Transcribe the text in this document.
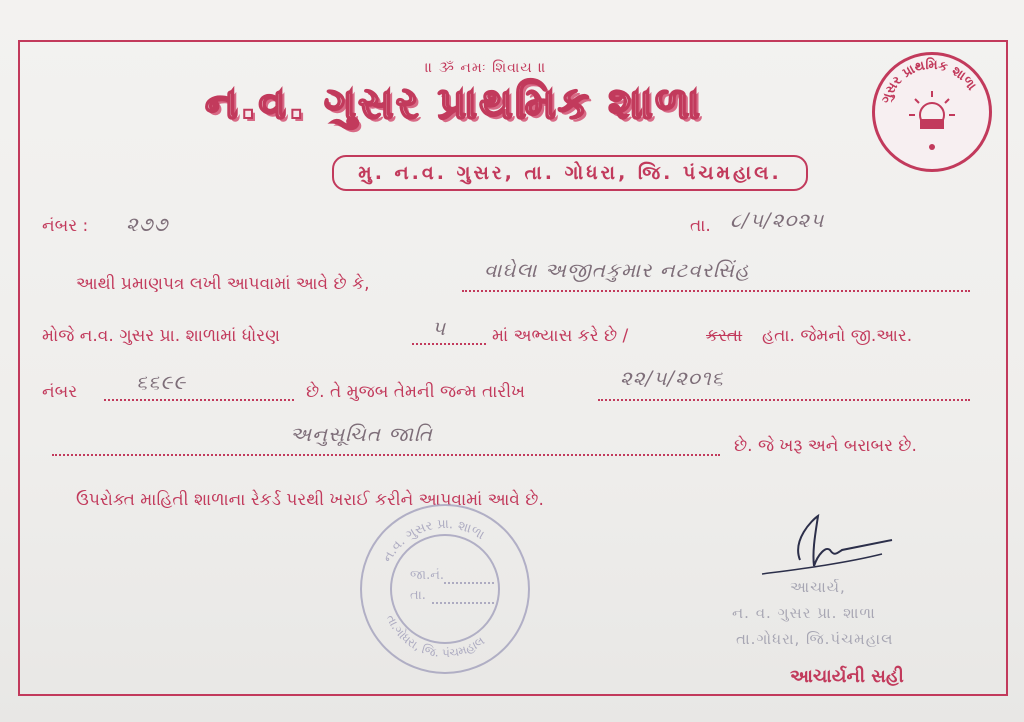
॥ ૐ નમઃ શિવાય ॥
ન.વ. ગુસર પ્રાથમિક શાળા
મુ. ન.વ. ગુસર, તા. ગોધરા, જિ. પંચમહાલ.
ગુસર પ્રાથમિક શાળા
નંબર : ૨૭૭	તા. ૮/૫/૨૦૨૫
આથી પ્રમાણપત્ર લખી આપવામાં આવે છે કે,
વાઘેલા અજીતકુમાર નટવરસિંહ
મોજે ન.વ. ગુસર પ્રા. શાળામાં ધોરણ	૫	માં અભ્યાસ કરે છે /	કરતા હતા. જેમનો જી.આર.
નંબર	૬૬૯૯	છે. તે મુજબ તેમની જન્મ તારીખ
૨૨/૫/૨૦૧૬
અનુસૂચિત જાતિ	છે. જે ખરૂ અને બરાબર છે.
ઉપરોક્ત માહિતી શાળાના રેકર્ડ પરથી ખરાઈ કરીને આપવામાં આવે છે.
ન.વ. ગુસર પ્રા. શાળા
તા.ગોધરા, જિ. પંચમહાલ
જા.નં.
તા.	આચાર્ય,
ન. વ. ગુસર પ્રા. શાળા
તા.ગોધરા, જિ.પંચમહાલ
આચાર્યની સહી
